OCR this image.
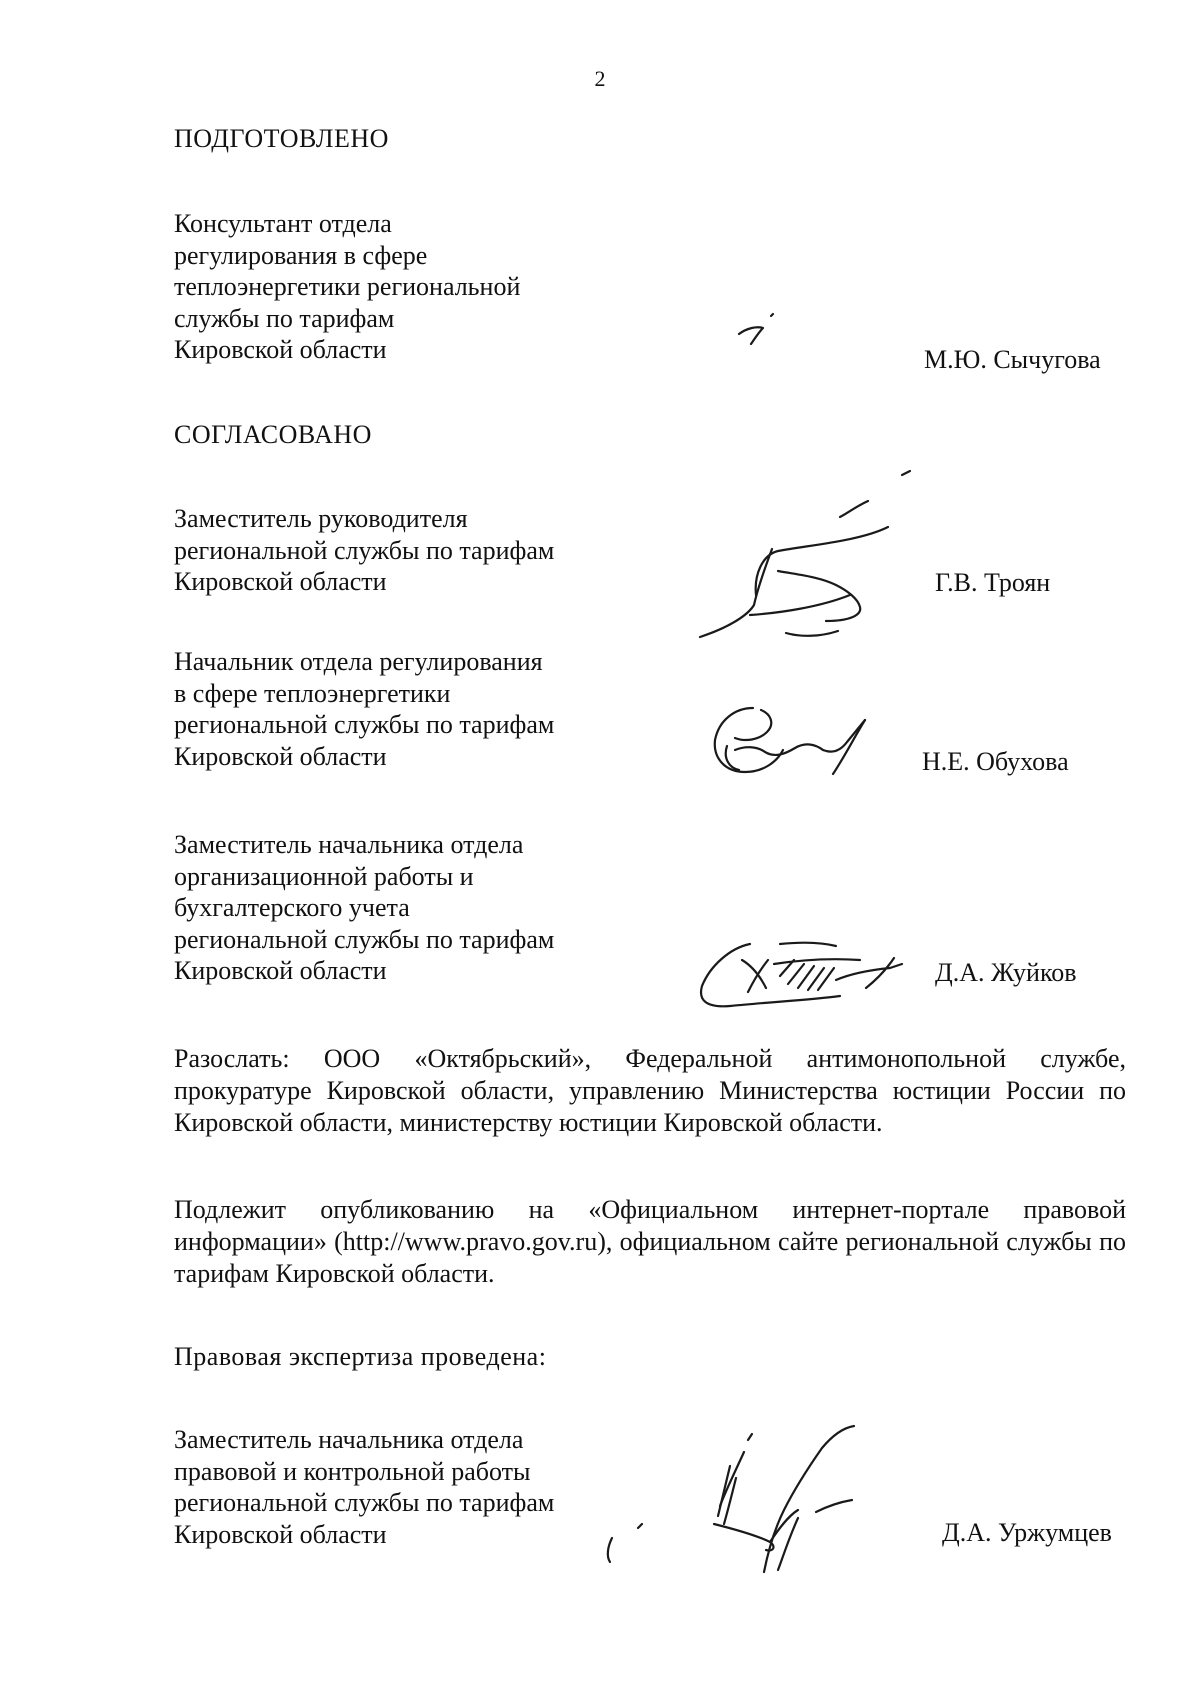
2
ПОДГОТОВЛЕНО
Консультант отдела
регулирования в сфере
теплоэнергетики региональной
службы по тарифам
Кировской области	М.Ю. Сычугова
СОГЛАСОВАНО
Заместитель руководителя
региональной службы по тарифам
Кировской области	Г.В. Троян
Начальник отдела регулирования
в сфере теплоэнергетики
региональной службы по тарифам
Кировской области	Н.Е. Обухова
Заместитель начальника отдела
организационной работы и
бухгалтерского учета
региональной службы по тарифам
Кировской области	Д.А. Жуйков
Разослать: ООО «Октябрьский», Федеральной антимонопольной службе, прокуратуре Кировской области, управлению Министерства юстиции России по Кировской области, министерству юстиции Кировской области.
Подлежит опубликованию на «Официальном интернет-портале правовой информации» (http://www.pravo.gov.ru), официальном сайте региональной службы по тарифам Кировской области.
Правовая экспертиза проведена:
Заместитель начальника отдела
правовой и контрольной работы
региональной службы по тарифам
Кировской области	Д.А. Уржумцев
